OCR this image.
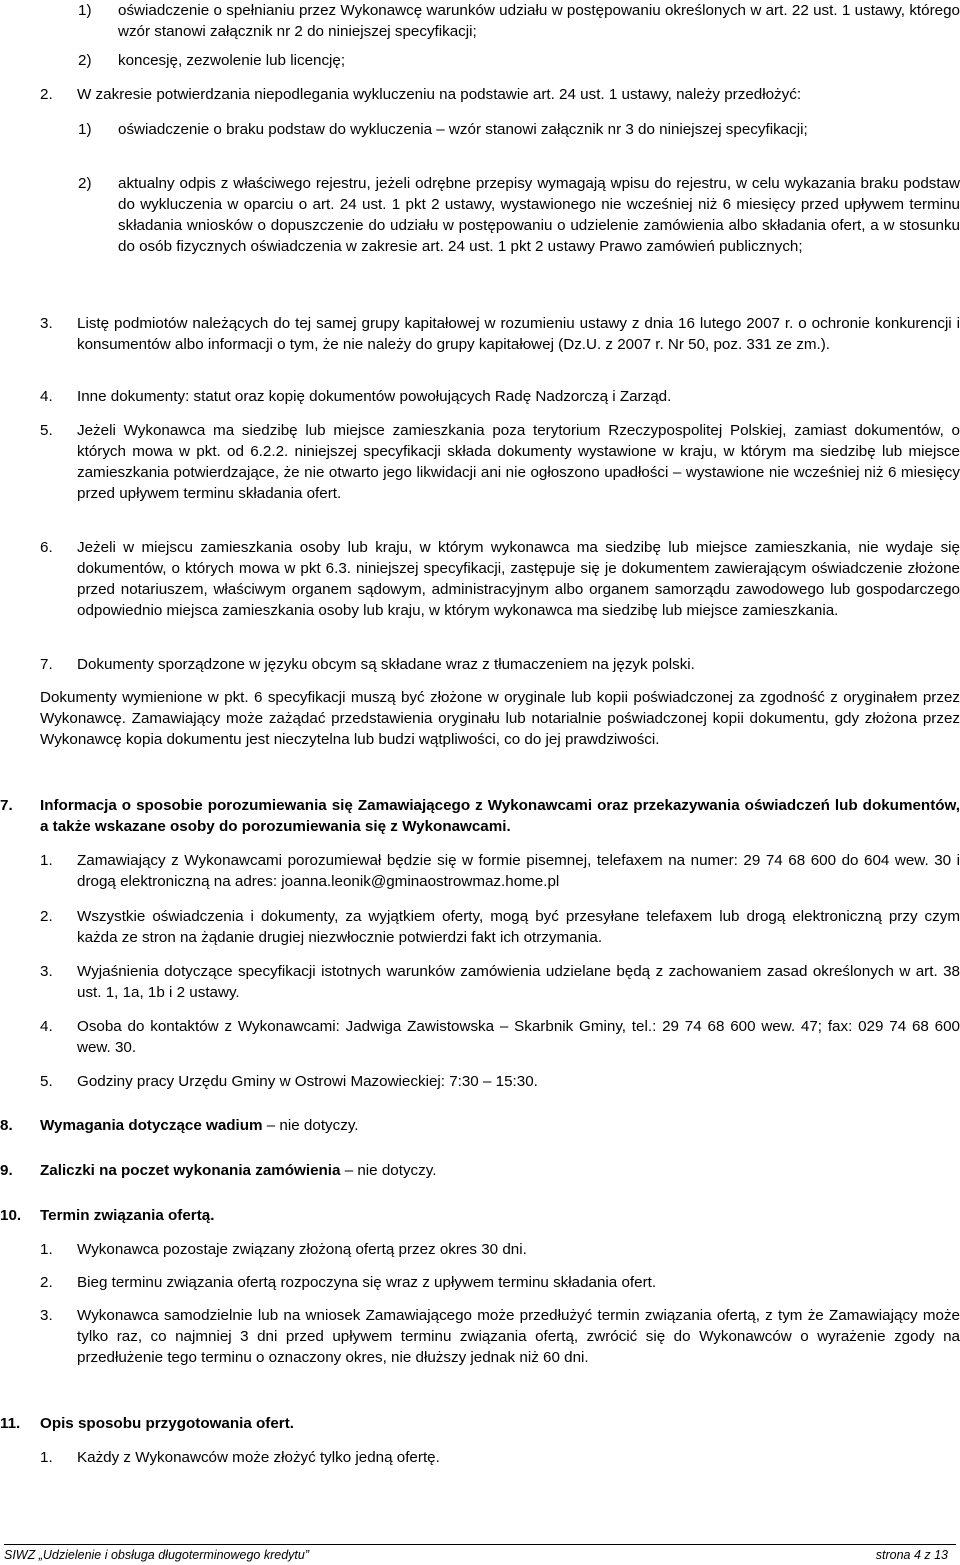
1)	oświadczenie o spełnianiu przez Wykonawcę warunków udziału w postępowaniu określonych w art. 22 ust. 1 ustawy, którego wzór stanowi załącznik nr 2 do niniejszej specyfikacji;
2)	koncesję, zezwolenie lub licencję;
2.	W zakresie potwierdzania niepodlegania wykluczeniu na podstawie art. 24 ust. 1 ustawy, należy przedłożyć:
1)	oświadczenie o braku podstaw do wykluczenia – wzór stanowi załącznik nr 3 do niniejszej specyfikacji;
2)	aktualny odpis z właściwego rejestru, jeżeli odrębne przepisy wymagają wpisu do rejestru, w celu wykazania braku podstaw do wykluczenia w oparciu o art. 24 ust. 1 pkt 2 ustawy, wystawionego nie wcześniej niż 6 miesięcy przed upływem terminu składania wniosków o dopuszczenie do udziału w postępowaniu o udzielenie zamówienia albo składania ofert, a w stosunku do osób fizycznych oświadczenia w zakresie art. 24 ust. 1 pkt 2 ustawy Prawo zamówień publicznych;
3.	Listę podmiotów należących do tej samej grupy kapitałowej w rozumieniu ustawy z dnia 16 lutego 2007 r. o ochronie konkurencji i konsumentów albo informacji o tym, że nie należy do grupy kapitałowej (Dz.U. z 2007 r. Nr 50, poz. 331 ze zm.).
4.	Inne dokumenty: statut oraz kopię dokumentów powołujących Radę Nadzorczą i Zarząd.
5.	Jeżeli Wykonawca ma siedzibę lub miejsce zamieszkania poza terytorium Rzeczypospolitej Polskiej, zamiast dokumentów, o których mowa w pkt. od 6.2.2. niniejszej specyfikacji składa dokumenty wystawione w kraju, w którym ma siedzibę lub miejsce zamieszkania potwierdzające, że nie otwarto jego likwidacji ani nie ogłoszono upadłości – wystawione nie wcześniej niż 6 miesięcy przed upływem terminu składania ofert.
6.	Jeżeli w miejscu zamieszkania osoby lub kraju, w którym wykonawca ma siedzibę lub miejsce zamieszkania, nie wydaje się dokumentów, o których mowa w pkt 6.3. niniejszej specyfikacji, zastępuje się je dokumentem zawierającym oświadczenie złożone przed notariuszem, właściwym organem sądowym, administracyjnym albo organem samorządu zawodowego lub gospodarczego odpowiednio miejsca zamieszkania osoby lub kraju, w którym wykonawca ma siedzibę lub miejsce zamieszkania.
7.	Dokumenty sporządzone w języku obcym są składane wraz z tłumaczeniem na język polski.
Dokumenty wymienione w pkt. 6 specyfikacji muszą być złożone w oryginale lub kopii poświadczonej za zgodność z oryginałem przez Wykonawcę. Zamawiający może zażądać przedstawienia oryginału lub notarialnie poświadczonej kopii dokumentu, gdy złożona przez Wykonawcę kopia dokumentu jest nieczytelna lub budzi wątpliwości, co do jej prawdziwości.
7.	Informacja o sposobie porozumiewania się Zamawiającego z Wykonawcami oraz przekazywania oświadczeń lub dokumentów, a także wskazane osoby do porozumiewania się z Wykonawcami.
1.	Zamawiający z Wykonawcami porozumiewał będzie się w formie pisemnej, telefaxem na numer: 29 74 68 600 do 604 wew. 30 i drogą elektroniczną na adres: joanna.leonik@gminaostrowmaz.home.pl
2.	Wszystkie oświadczenia i dokumenty, za wyjątkiem oferty, mogą być przesyłane telefaxem lub drogą elektroniczną przy czym każda ze stron na żądanie drugiej niezwłocznie potwierdzi fakt ich otrzymania.
3.	Wyjaśnienia dotyczące specyfikacji istotnych warunków zamówienia udzielane będą z zachowaniem zasad określonych w art. 38 ust. 1, 1a, 1b i 2 ustawy.
4.	Osoba do kontaktów z Wykonawcami: Jadwiga Zawistowska – Skarbnik Gminy, tel.: 29 74 68 600 wew. 47; fax: 029 74 68 600 wew. 30.
5.	Godziny pracy Urzędu Gminy w Ostrowi Mazowieckiej: 7:30 – 15:30.
8.	Wymagania dotyczące wadium – nie dotyczy.
9.	Zaliczki na poczet wykonania zamówienia – nie dotyczy.
10.	Termin związania ofertą.
1.	Wykonawca pozostaje związany złożoną ofertą przez okres 30 dni.
2.	Bieg terminu związania ofertą rozpoczyna się wraz z upływem terminu składania ofert.
3.	Wykonawca samodzielnie lub na wniosek Zamawiającego może przedłużyć termin związania ofertą, z tym że Zamawiający może tylko raz, co najmniej 3 dni przed upływem terminu związania ofertą, zwrócić się do Wykonawców o wyrażenie zgody na przedłużenie tego terminu o oznaczony okres, nie dłuższy jednak niż 60 dni.
11.	Opis sposobu przygotowania ofert.
1.	Każdy z Wykonawców może złożyć tylko jedną ofertę.
SIWZ „Udzielenie i obsługa długoterminowego kredytu”	strona 4 z 13
